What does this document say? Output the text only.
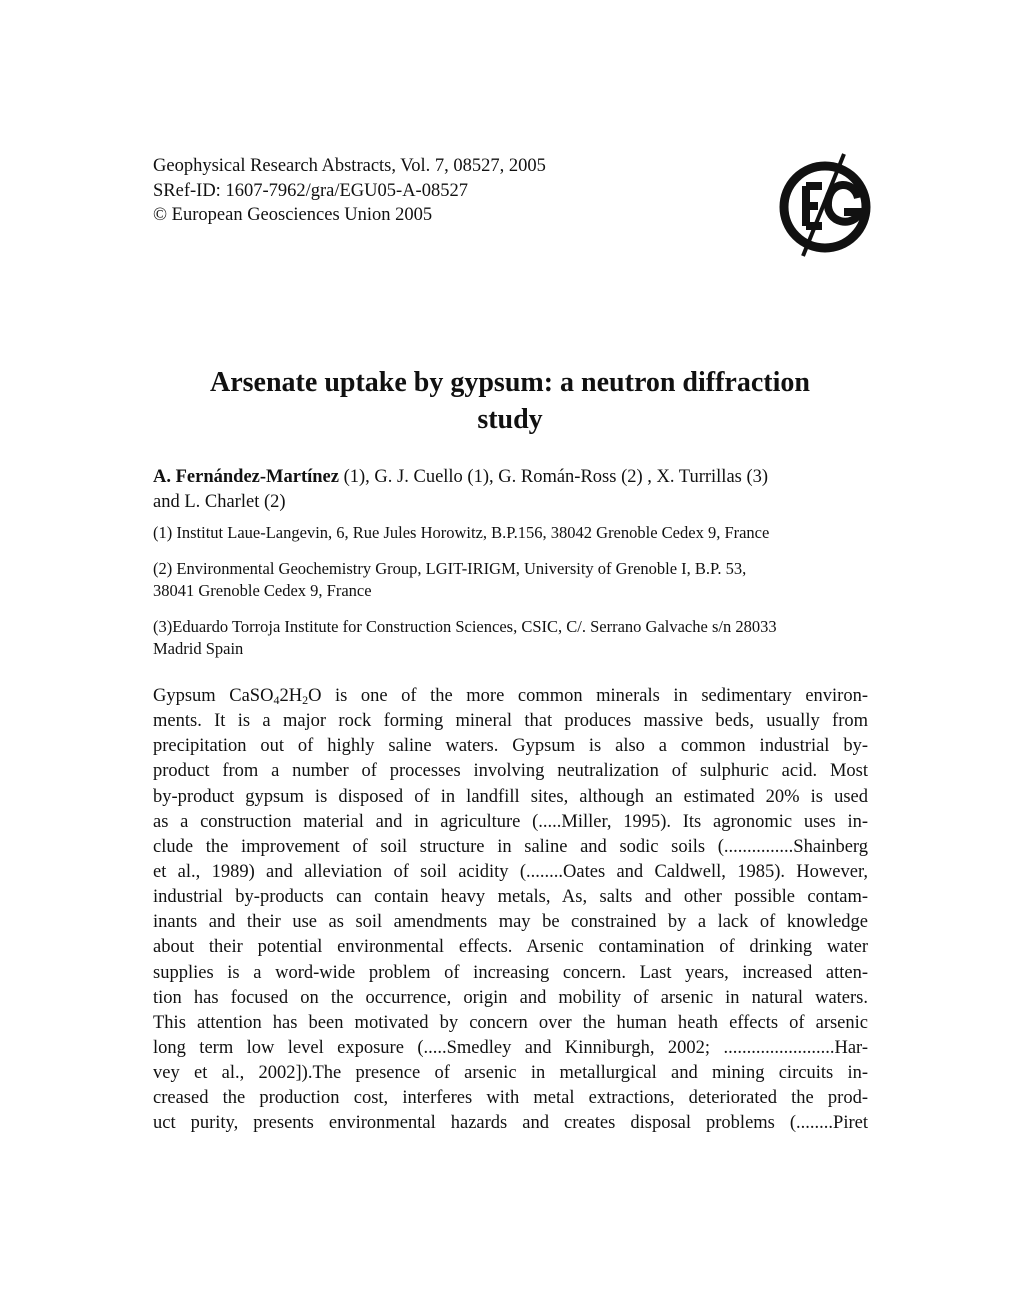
Geophysical Research Abstracts, Vol. 7, 08527, 2005
SRef-ID: 1607-7962/gra/EGU05-A-08527
© European Geosciences Union 2005
Arsenate uptake by gypsum: a neutron diffraction
study
A. Fernández-Martínez (1), G. J. Cuello (1), G. Román-Ross (2) , X. Turrillas (3)
and L. Charlet (2)
(1) Institut Laue-Langevin, 6, Rue Jules Horowitz, B.P.156, 38042 Grenoble Cedex 9, France
(2) Environmental Geochemistry Group, LGIT-IRIGM, University of Grenoble I, B.P. 53,
38041 Grenoble Cedex 9, France
(3)Eduardo Torroja Institute for Construction Sciences, CSIC, C/. Serrano Galvache s/n 28033
Madrid Spain
Gypsum $CaSO_42H_2O$ is one of the more common minerals in sedimentary environ-
ments. It is a major rock forming mineral that produces massive beds, usually from
precipitation out of highly saline waters. Gypsum is also a common industrial by-
product from a number of processes involving neutralization of sulphuric acid. Most
by-product gypsum is disposed of in landfill sites, although an estimated 20% is used
as a construction material and in agriculture (.....Miller, 1995). Its agronomic uses in-
clude the improvement of soil structure in saline and sodic soils (...............Shainberg
et al., 1989) and alleviation of soil acidity (........Oates and Caldwell, 1985). However,
industrial by-products can contain heavy metals, As, salts and other possible contam-
inants and their use as soil amendments may be constrained by a lack of knowledge
about their potential environmental effects. Arsenic contamination of drinking water
supplies is a word-wide problem of increasing concern. Last years, increased atten-
tion has focused on the occurrence, origin and mobility of arsenic in natural waters.
This attention has been motivated by concern over the human heath effects of arsenic
long term low level exposure (.....Smedley and Kinniburgh, 2002; ........................Har-
vey et al., 2002]).The presence of arsenic in metallurgical and mining circuits in-
creased the production cost, interferes with metal extractions, deteriorated the prod-
uct purity, presents environmental hazards and creates disposal problems (........Piret
